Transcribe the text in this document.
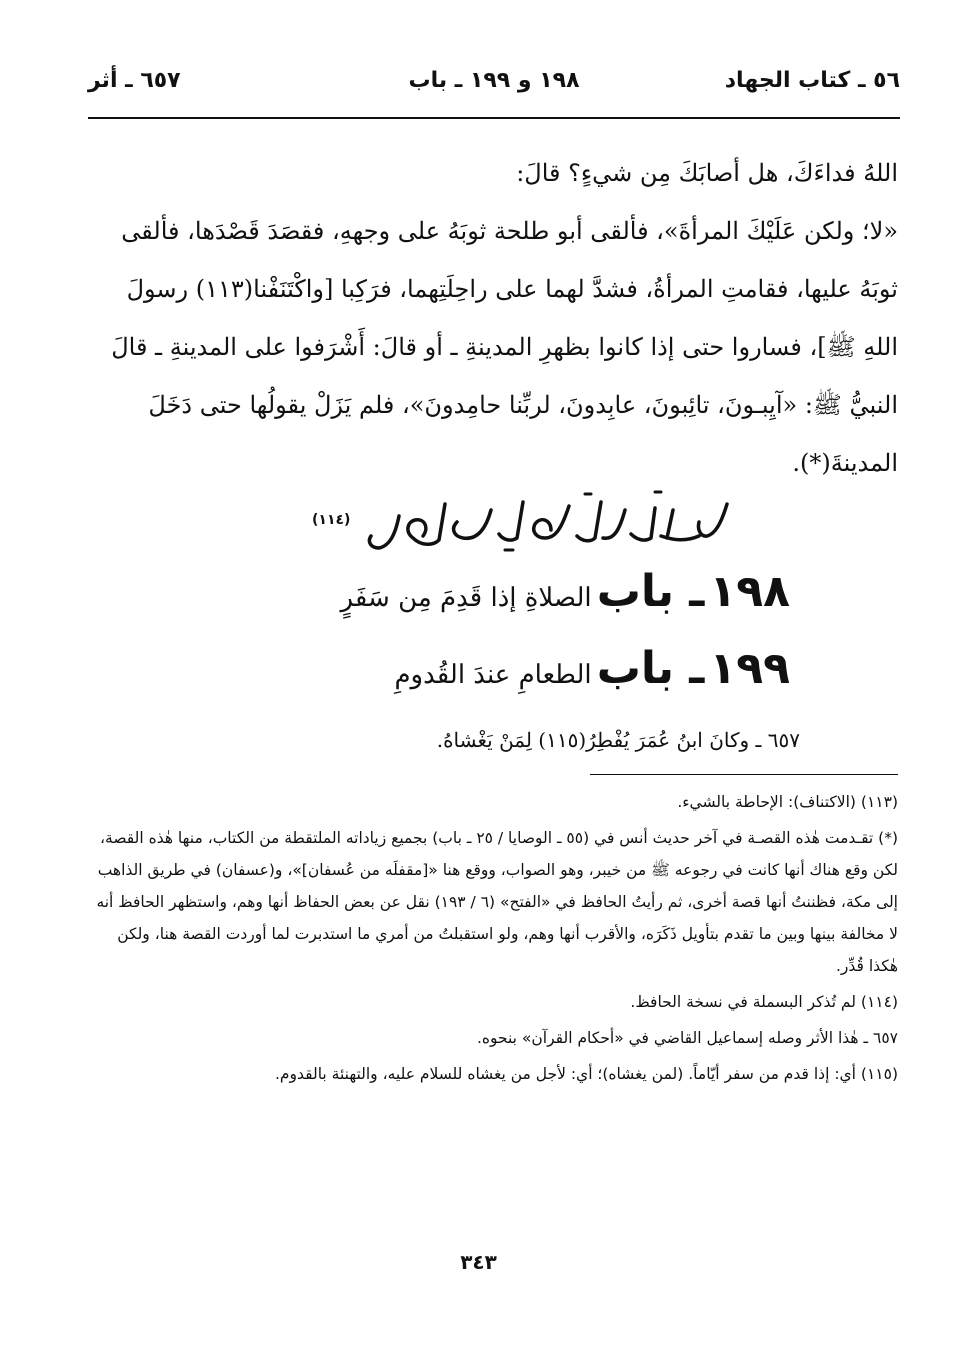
٥٦ ـ كتاب الجهاد
١٩٨ و ١٩٩ ـ باب
٦٥٧ ـ أثر

اللهُ فداءَكَ، هل أصابَكَ مِن شيءٍ؟ قالَ:

«لا؛ ولكن عَلَيْكَ المرأةَ»، فألقى أبو طلحة ثوبَهُ على وجههِ، فقصَدَ قَصْدَها، فألقى ثوبَهُ عليها، فقامتِ المرأةُ، فشدَّ لهما على راحِلَتِهما، فرَكِبا [واكْتَنَفْنا(١١٣) رسولَ اللهِ ﷺ]، فساروا حتى إذا كانوا بظهرِ المدينةِ ـ أو قالَ: أَشْرَفوا على المدينةِ ـ قالَ النبيُّ ﷺ: «آيِبـونَ، تائِبونَ، عابِدونَ، لربِّنا حامِدونَ»، فلم يَزَلْ يقولُها حتى دَخَلَ المدينةَ(*).

(١١٤)
١٩٨ ـ باب الصلاةِ إذا قَدِمَ مِن سَفَرٍ
١٩٩ ـ باب الطعامِ عندَ القُدومِ
٦٥٧ ـ وكانَ ابنُ عُمَرَ يُفْطِرُ(١١٥) لِمَنْ يَغْشاهُ.

(١١٣) (الاكتناف): الإحاطة بالشيء.

(*) تقـدمت هٰذه القصـة في آخر حديث أنس في (٥٥ ـ الوصايا / ٢٥ ـ باب) بجميع زياداته الملتقطة من الكتاب، منها هٰذه القصة، لكن وقع هناك أنها كانت في رجوعه ﷺ من خيبر، وهو الصواب، ووقع هنا «[مقفلَه من عُسفان]»، و(عسفان) في طريق الذاهب إلى مكة، فظننتُ أنها قصة أخرى، ثم رأيتُ الحافظ في «الفتح» (٦ / ١٩٣) نقل عن بعض الحفاظ أنها وهم، واستظهر الحافظ أنه لا مخالفة بينها وبين ما تقدم بتأويل ذَكَرَه، والأقرب أنها وهم، ولو استقبلتُ من أمري ما استدبرت لما أوردت القصة هنا، ولكن هٰكذا قُدِّر.

(١١٤) لم تُذكر البسملة في نسخة الحافظ.

٦٥٧ ـ هٰذا الأثر وصله إسماعيل القاضي في «أحكام القرآن» بنحوه.

(١١٥) أي: إذا قدم من سفر أيّاماً. (لمن يغشاه)؛ أي: لأجل من يغشاه للسلام عليه، والتهنئة بالقدوم.

٣٤٣
